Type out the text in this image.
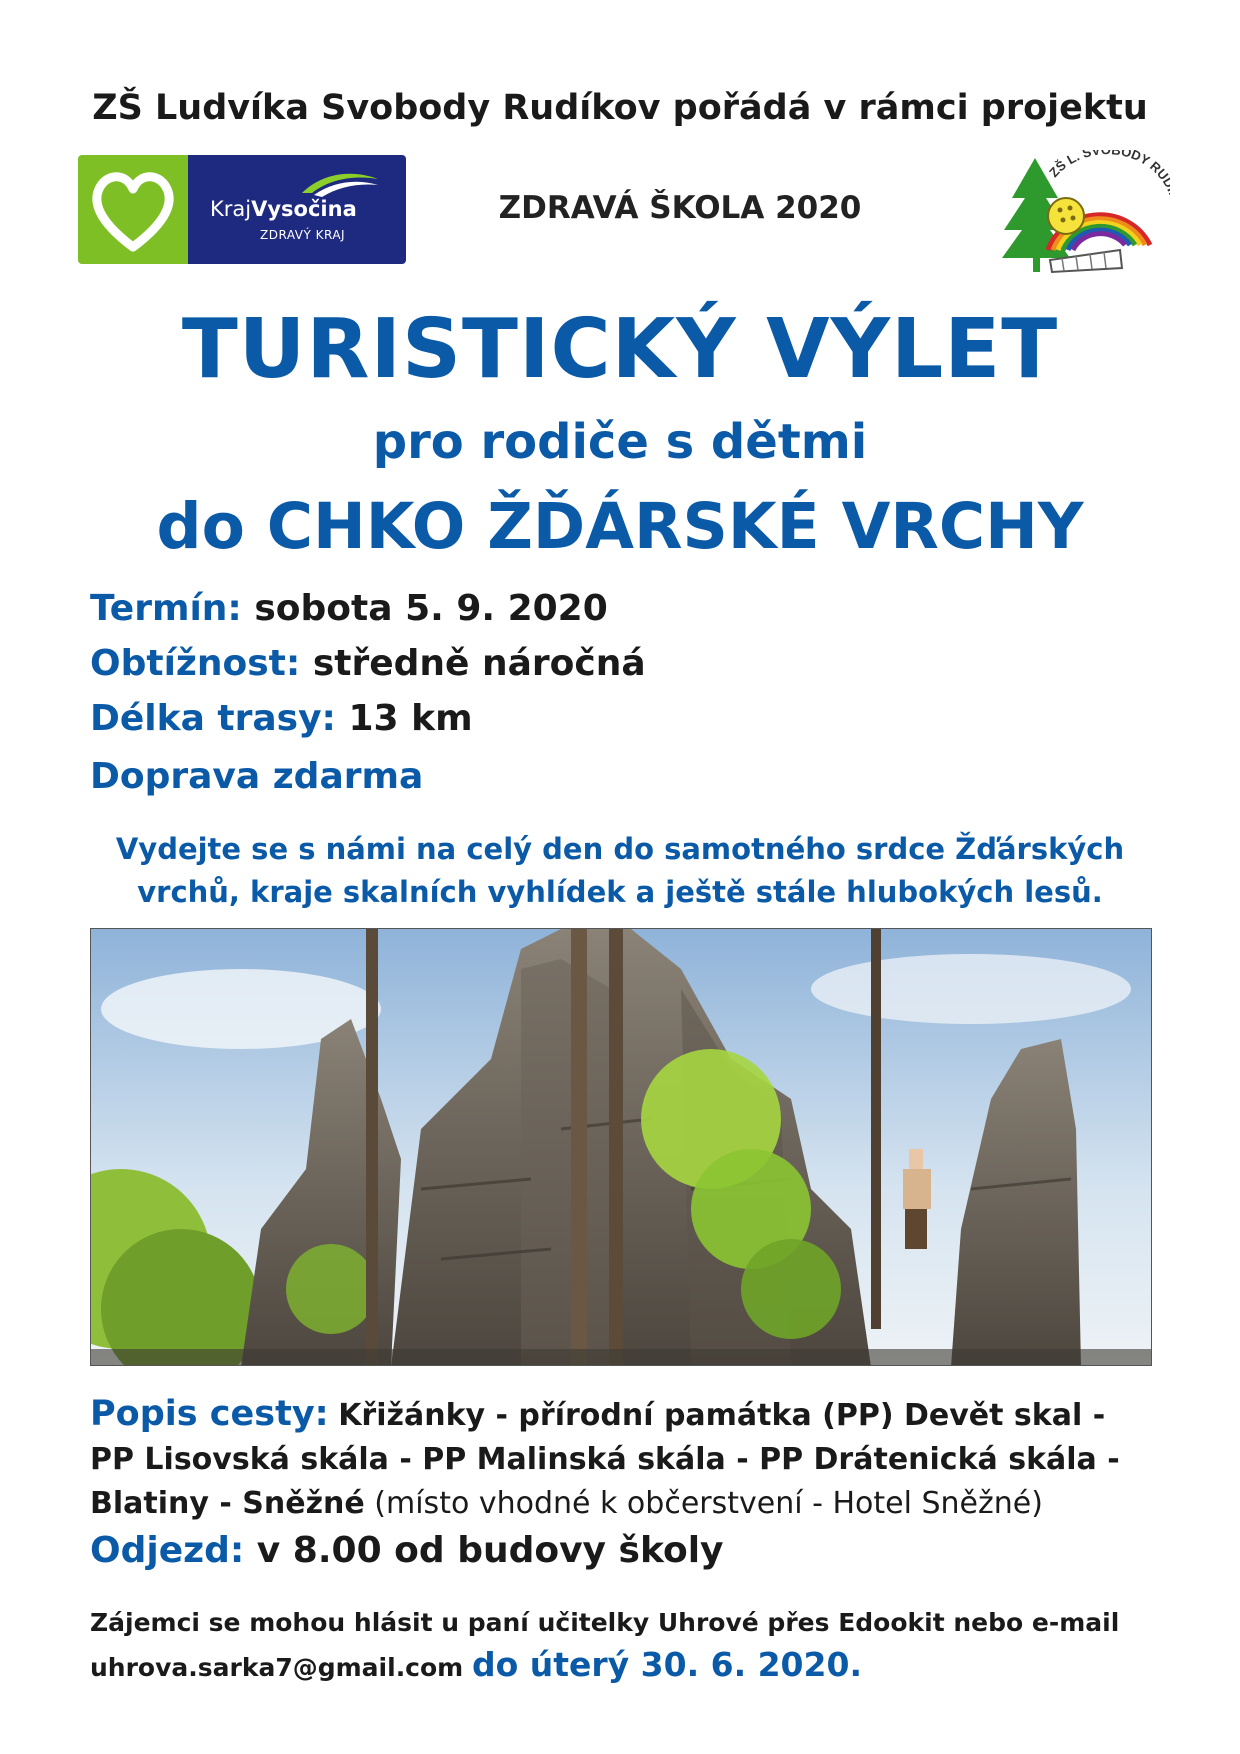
ZŠ Ludvíka Svobody Rudíkov pořádá v rámci projektu
KrajVysočina
ZDRAVÝ KRAJ
ZDRAVÁ ŠKOLA 2020
ZŠ L. SV BODY RU
TURISTICKÝ VÝLET
pro rodiče s dětmi
do CHKO ŽĎÁRSKÉ VRCHY
Termín: sobota 5. 9. 2020
Obtížnost: středně náročná
Délka trasy: 13 km
Doprava zdarma
Vydejte se s námi na celý den do samotného srdce Žďárských
vrchů, kraje skalních vyhlídek a ještě stále hlubokých lesů.
Popis cesty: Křižánky - přírodní památka (PP) Devět skal -
PP Lisovská skála - PP Malinská skála - PP Drátenická skála -
Blatiny - Sněžné (místo vhodné k občerstvení - Hotel Sněžné)
Odjezd: v 8.00 od budovy školy
Zájemci se mohou hlásit u paní učitelky Uhrové přes Edookit nebo e-mail
uhrova.sarka7@gmail.com do úterý 30. 6. 2020.
